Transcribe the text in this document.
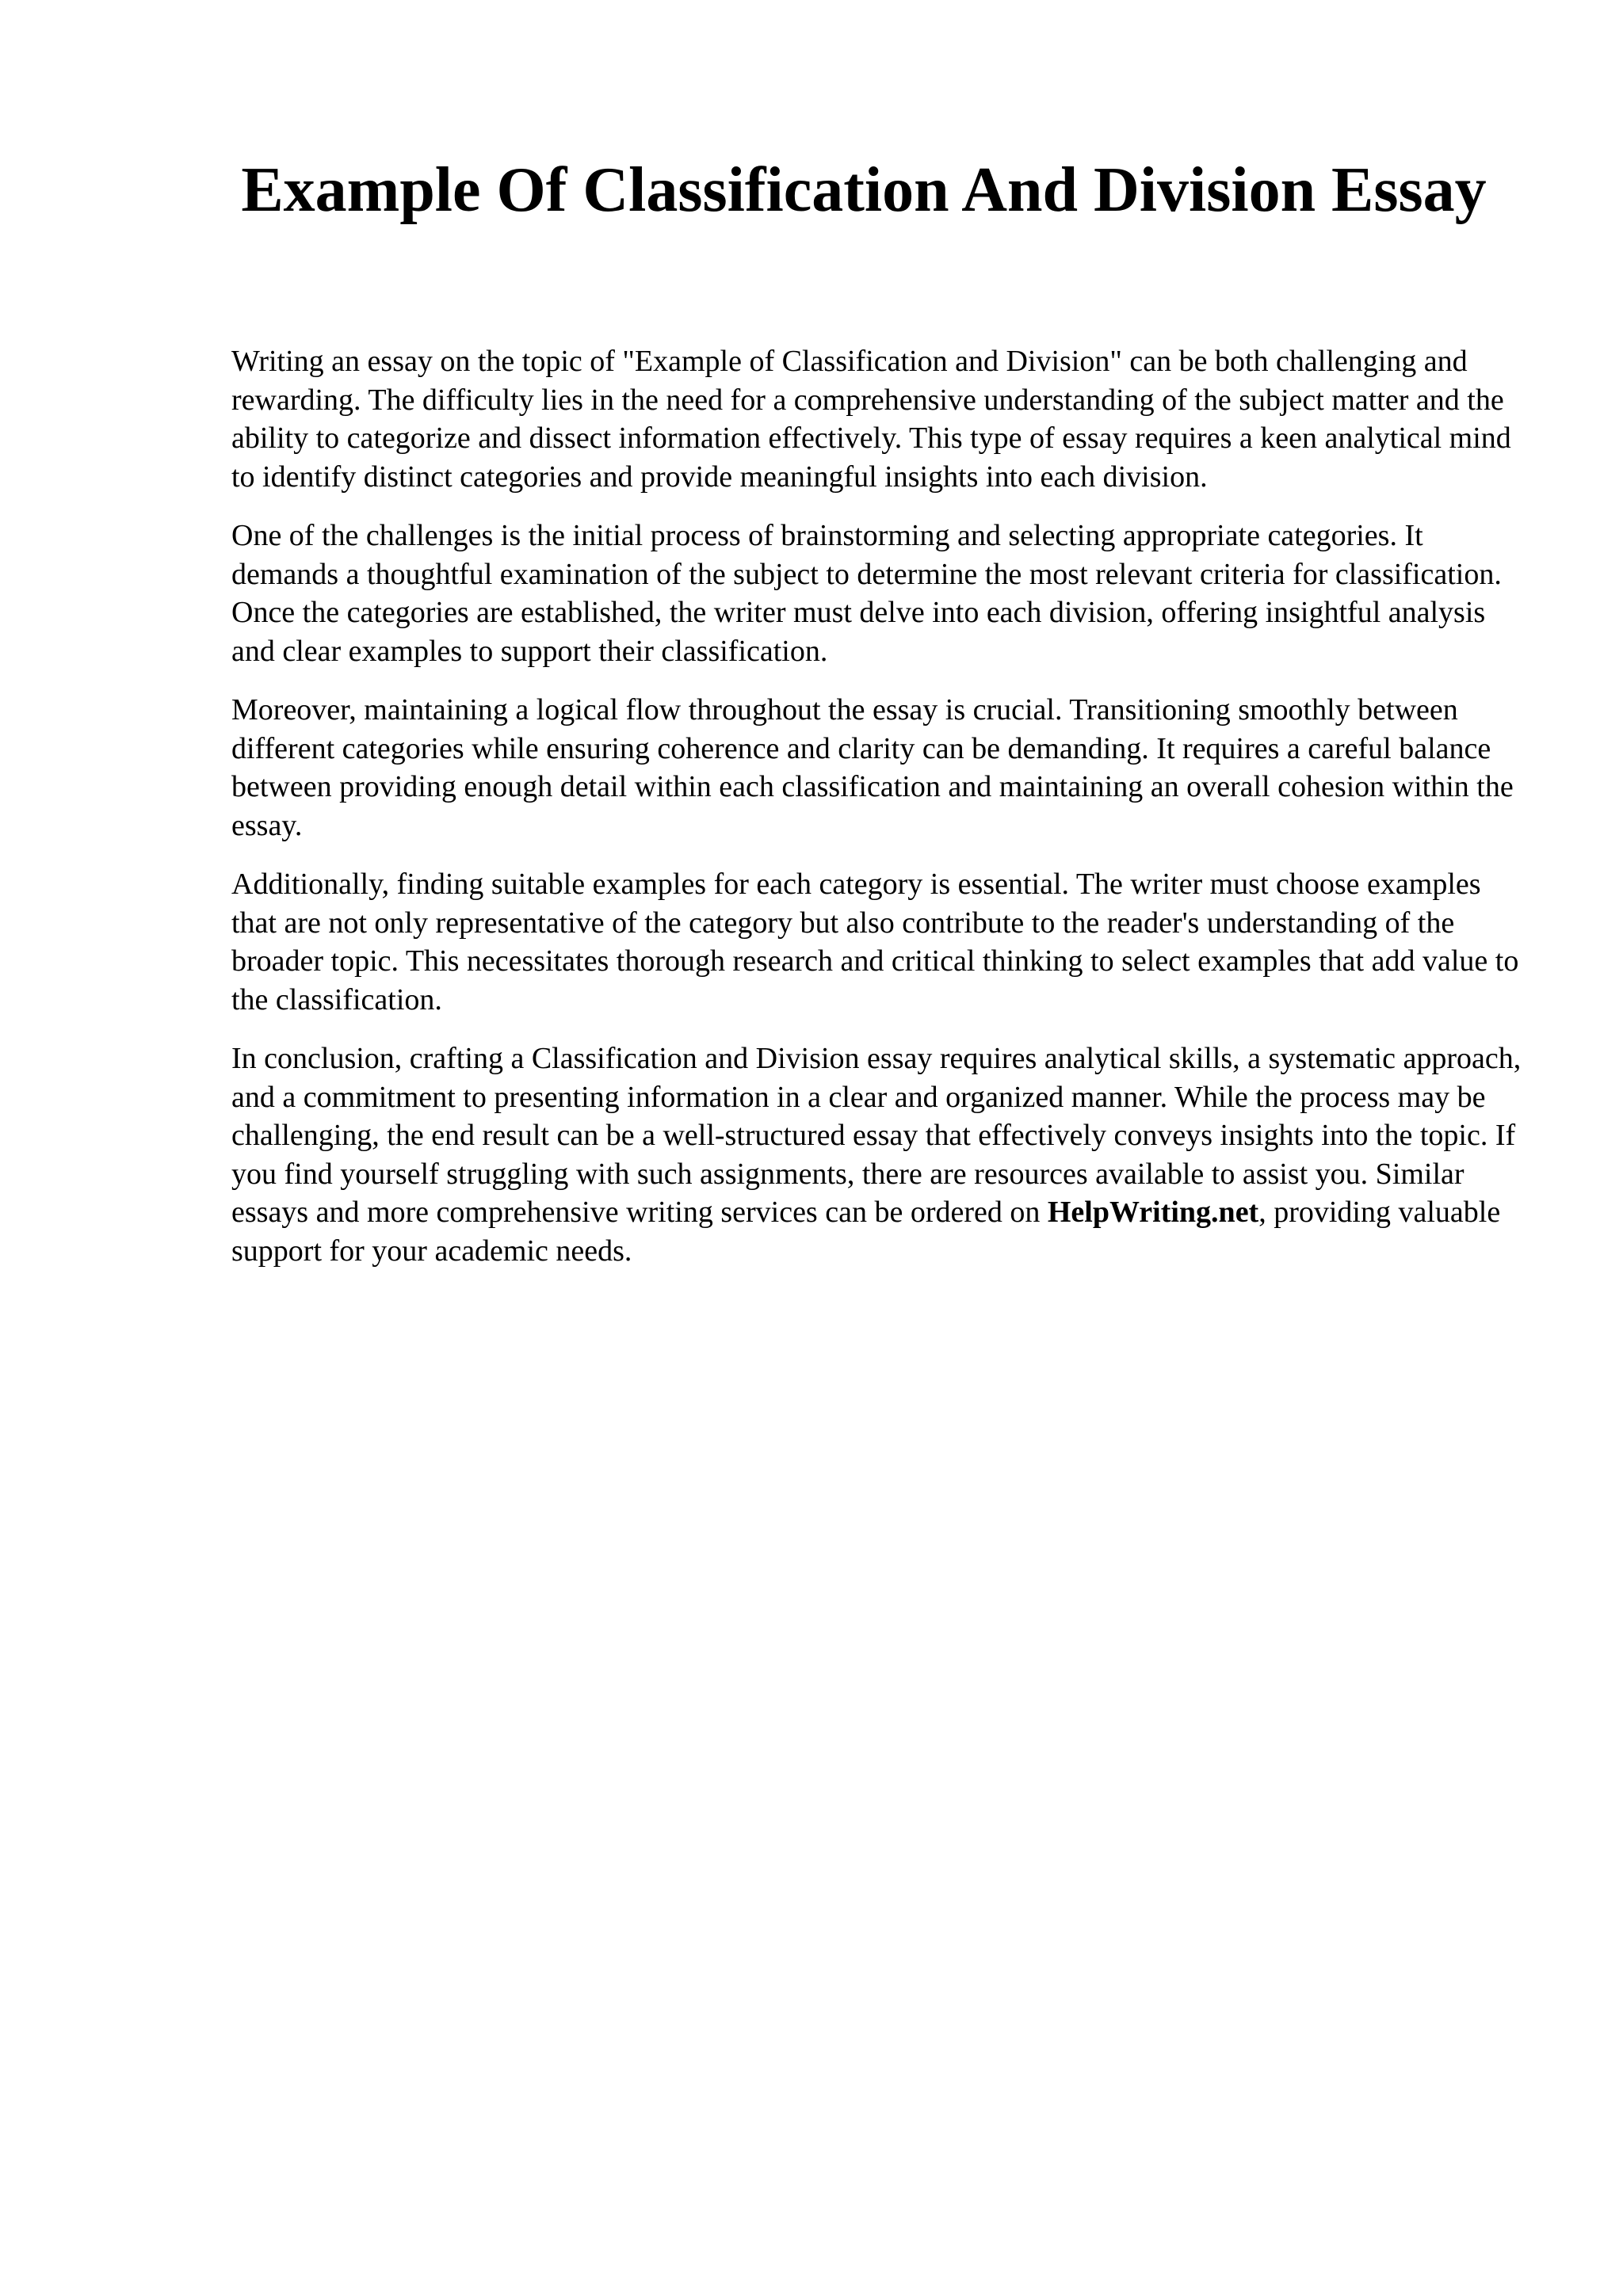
Example Of Classification And Division Essay

Writing an essay on the topic of "Example of Classification and Division" can be both challenging and rewarding. The difficulty lies in the need for a comprehensive understanding of the subject matter and the ability to categorize and dissect information effectively. This type of essay requires a keen analytical mind to identify distinct categories and provide meaningful insights into each division.

One of the challenges is the initial process of brainstorming and selecting appropriate categories. It demands a thoughtful examination of the subject to determine the most relevant criteria for classification. Once the categories are established, the writer must delve into each division, offering insightful analysis and clear examples to support their classification.

Moreover, maintaining a logical flow throughout the essay is crucial. Transitioning smoothly between different categories while ensuring coherence and clarity can be demanding. It requires a careful balance between providing enough detail within each classification and maintaining an overall cohesion within the essay.

Additionally, finding suitable examples for each category is essential. The writer must choose examples that are not only representative of the category but also contribute to the reader's understanding of the broader topic. This necessitates thorough research and critical thinking to select examples that add value to the classification.

In conclusion, crafting a Classification and Division essay requires analytical skills, a systematic approach, and a commitment to presenting information in a clear and organized manner. While the process may be challenging, the end result can be a well-structured essay that effectively conveys insights into the topic. If you find yourself struggling with such assignments, there are resources available to assist you. Similar essays and more comprehensive writing services can be ordered on HelpWriting.net, providing valuable support for your academic needs.
